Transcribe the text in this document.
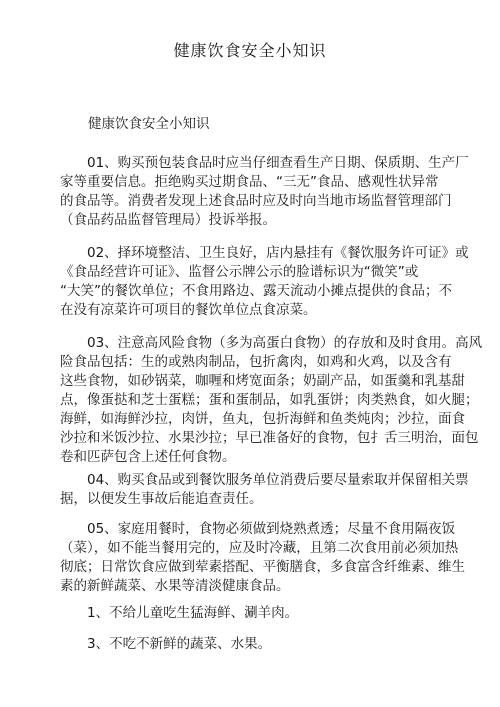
健康饮食安全小知识
健康饮食安全小知识
　　01、购买预包装食品时应当仔细查看生产日期、保质期、生产厂
家等重要信息。拒绝购买过期食品、“三无”食品、感观性状异常
的食品等。消费者发现上述食品时应及时向当地市场监督管理部门
（食品药品监督管理局）投诉举报。
　　02、择环境整洁、卫生良好，店内悬挂有《餐饮服务许可证》或
《食品经营许可证》、监督公示牌公示的脸谱标识为“微笑”或
“大笑”的餐饮单位；不食用路边、露天流动小摊点提供的食品；不
在没有凉菜许可项目的餐饮单位点食凉菜。
　　03、注意高风险食物（多为高蛋白食物）的存放和及时食用。高风
险食品包括：生的或熟肉制品，包折禽肉，如鸡和火鸡，以及含有
这些食物，如砂锅菜，咖喱和烤宽面条；奶副产品，如蛋羹和乳基甜
点，像蛋挞和芝士蛋糕；蛋和蛋制品，如乳蛋饼；肉类熟食，如火腿；
海鲜，如海鲜沙拉，肉饼，鱼丸，包折海鲜和鱼类炖肉；沙拉，面食
沙拉和米饭沙拉、水果沙拉；早已准备好的食物，包扌舌三明治，面包
卷和匹萨包含上述任何食物。
　　04、购买食品或到餐饮服务单位消费后要尽量索取并保留相关票
据，以便发生事故后能追查责任。
　　05、家庭用餐时，食物必须做到烧熟煮透；尽量不食用隔夜饭
（菜），如不能当餐用完的，应及时冷藏，且第二次食用前必须加热
彻底；日常饮食应做到荤素搭配、平衡膳食，多食富含纤维素、维生
素的新鲜蔬菜、水果等清淡健康食品。
　　1、不给儿童吃生猛海鲜、涮羊肉。
　　3、不吃不新鲜的蔬菜、水果。
